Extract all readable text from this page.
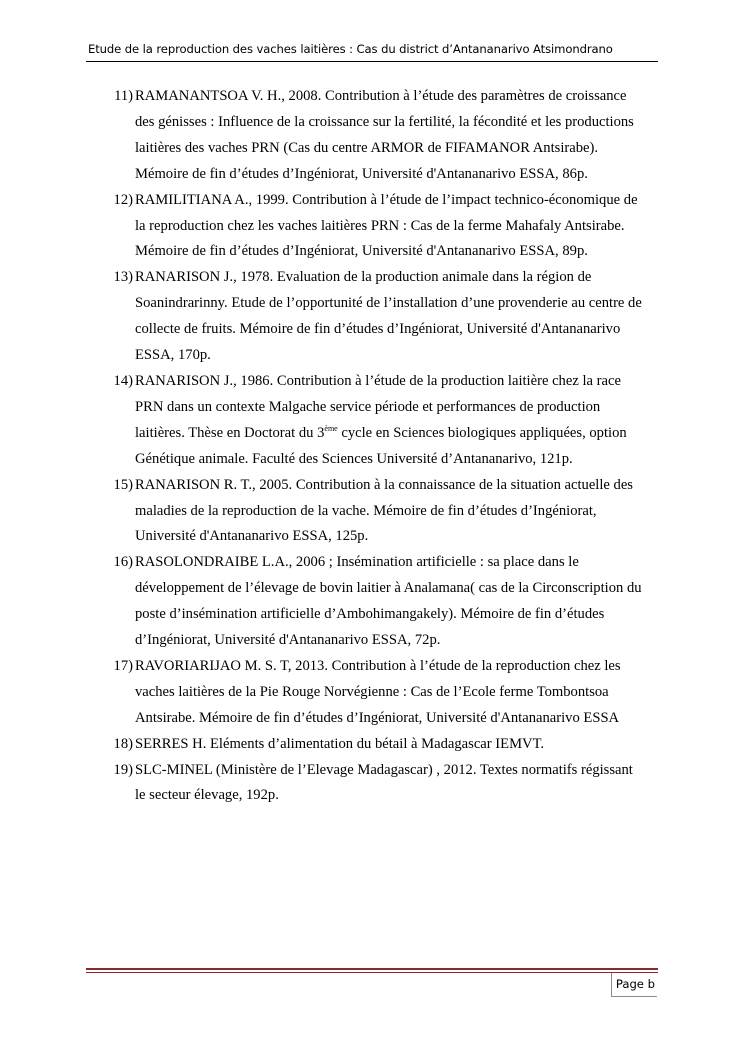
Etude de la reproduction des vaches laitières : Cas du district d’Antananarivo Atsimondrano
11) RAMANANTSOA V. H., 2008. Contribution à l’étude des paramètres de croissance
des génisses : Influence de la croissance sur la fertilité, la fécondité et les productions
laitières des vaches PRN (Cas du centre ARMOR de FIFAMANOR Antsirabe).
Mémoire de fin d’études d’Ingéniorat, Université d'Antananarivo ESSA, 86p.
12) RAMILITIANA A., 1999. Contribution à l’étude de l’impact technico-économique de
la reproduction chez les vaches laitières PRN : Cas de la ferme Mahafaly Antsirabe.
Mémoire de fin d’études d’Ingéniorat, Université d'Antananarivo ESSA, 89p.
13) RANARISON J., 1978. Evaluation de la production animale dans la région de
Soanindrarinny. Etude de l’opportunité de l’installation d’une provenderie au centre de
collecte de fruits. Mémoire de fin d’études d’Ingéniorat, Université d'Antananarivo
ESSA, 170p.
14) RANARISON J., 1986. Contribution à l’étude de la production laitière chez la race
PRN dans un contexte Malgache service période et performances de production
laitières. Thèse en Doctorat du 3ème cycle en Sciences biologiques appliquées, option
Génétique animale. Faculté des Sciences Université d’Antananarivo, 121p.
15) RANARISON R. T., 2005. Contribution à la connaissance de la situation actuelle des
maladies de la reproduction de la vache. Mémoire de fin d’études d’Ingéniorat,
Université d'Antananarivo ESSA, 125p.
16) RASOLONDRAIBE L.A., 2006 ; Insémination artificielle : sa place dans le
développement de l’élevage de bovin laitier à Analamana( cas de la Circonscription du
poste d’insémination artificielle d’Ambohimangakely). Mémoire de fin d’études
d’Ingéniorat, Université d'Antananarivo ESSA, 72p.
17) RAVORIARIJAO M. S. T, 2013. Contribution à l’étude de la reproduction chez les
vaches laitières de la Pie Rouge Norvégienne : Cas de l’Ecole ferme Tombontsoa
Antsirabe. Mémoire de fin d’études d’Ingéniorat, Université d'Antananarivo ESSA
18) SERRES H. Eléments d’alimentation du bétail à Madagascar IEMVT.
19) SLC-MINEL (Ministère de l’Elevage Madagascar) , 2012. Textes normatifs régissant
le secteur élevage, 192p.
Page b
